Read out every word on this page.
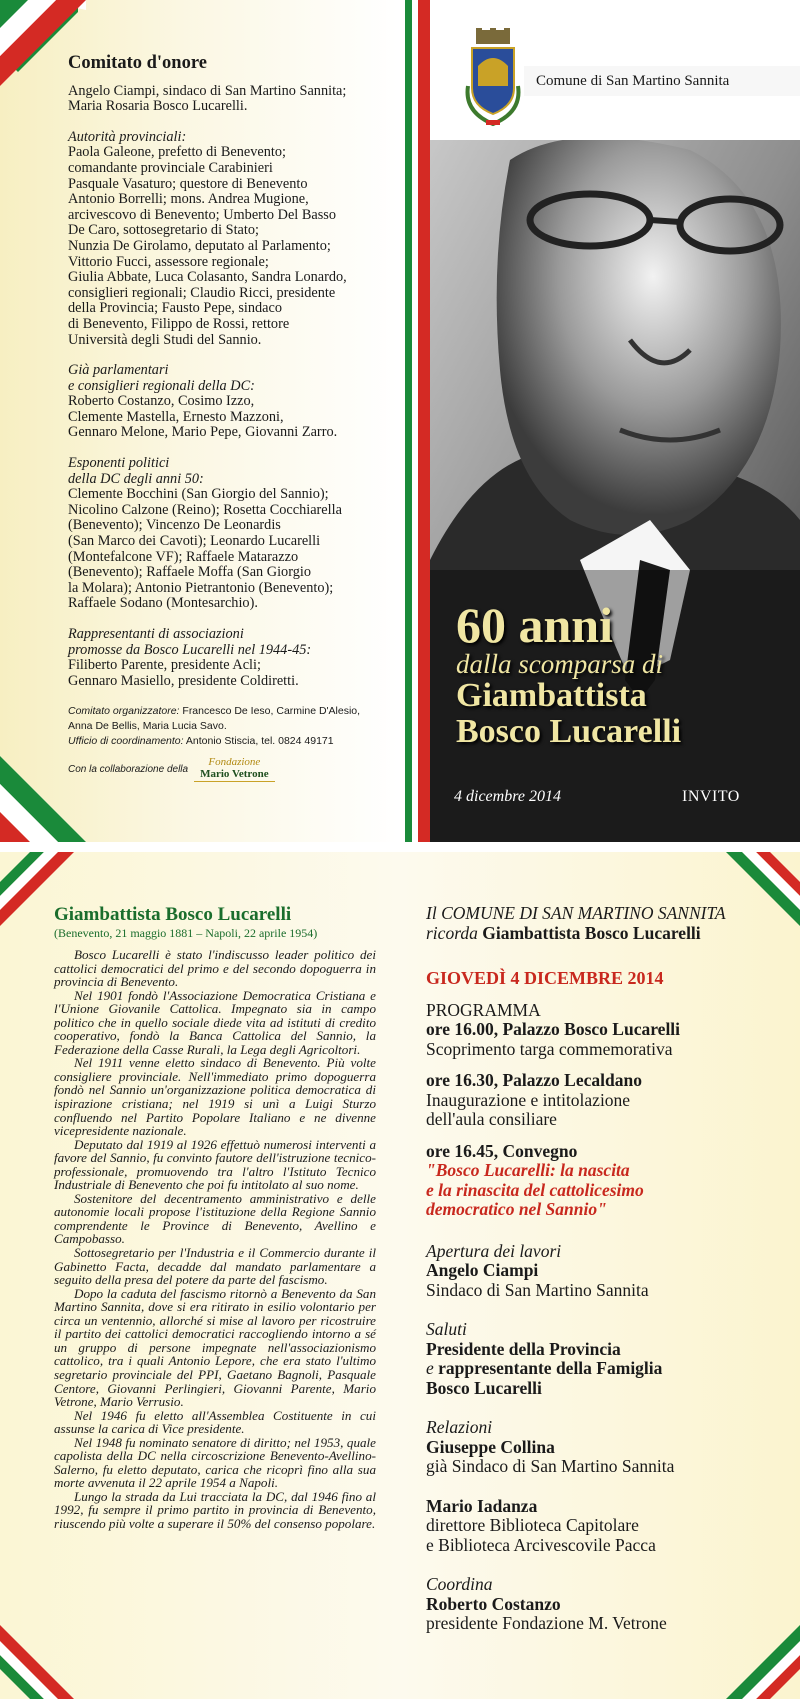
Comitato d'onore

Angelo Ciampi, sindaco di San Martino Sannita;
Maria Rosaria Bosco Lucarelli.

Autorità provinciali:
Paola Galeone, prefetto di Benevento;
comandante provinciale Carabinieri
Pasquale Vasaturo; questore di Benevento
Antonio Borrelli; mons. Andrea Mugione,
arcivescovo di Benevento; Umberto Del Basso
De Caro, sottosegretario di Stato;
Nunzia De Girolamo, deputato al Parlamento;
Vittorio Fucci, assessore regionale;
Giulia Abbate, Luca Colasanto, Sandra Lonardo,
consiglieri regionali; Claudio Ricci, presidente
della Provincia; Fausto Pepe, sindaco
di Benevento, Filippo de Rossi, rettore
Università degli Studi del Sannio.

Già parlamentari
e consiglieri regionali della DC:
Roberto Costanzo, Cosimo Izzo,
Clemente Mastella, Ernesto Mazzoni,
Gennaro Melone, Mario Pepe, Giovanni Zarro.

Esponenti politici
della DC degli anni 50:
Clemente Bocchini (San Giorgio del Sannio);
Nicolino Calzone (Reino); Rosetta Cocchiarella
(Benevento); Vincenzo De Leonardis
(San Marco dei Cavoti); Leonardo Lucarelli
(Montefalcone VF); Raffaele Matarazzo
(Benevento); Raffaele Moffa (San Giorgio
la Molara); Antonio Pietrantonio (Benevento);
Raffaele Sodano (Montesarchio).

Rappresentanti di associazioni
promosse da Bosco Lucarelli nel 1944-45:
Filiberto Parente, presidente Acli;
Gennaro Masiello, presidente Coldiretti.

Comitato organizzatore: Francesco De Ieso, Carmine D'Alesio,
Anna De Bellis, Maria Lucia Savo.
Ufficio di coordinamento: Antonio Stiscia, tel. 0824 49171
Con la collaborazione della
Fondazione
Mario Vetrone
Comune di San Martino Sannita
60 anni
dalla scomparsa di
Giambattista
Bosco Lucarelli
4 dicembre 2014	INVITO
Giambattista Bosco Lucarelli
(Benevento, 21 maggio 1881 – Napoli, 22 aprile 1954)

Bosco Lucarelli è stato l'indiscusso leader politico dei cattolici democratici del primo e del secondo dopoguerra in provincia di Benevento.

Nel 1901 fondò l'Associazione Democratica Cristiana e l'Unione Giovanile Cattolica. Impegnato sia in campo politico che in quello sociale diede vita ad istituti di credito cooperativo, fondò la Banca Cattolica del Sannio, la Federazione della Casse Rurali, la Lega degli Agricoltori.

Nel 1911 venne eletto sindaco di Benevento. Più volte consigliere provinciale. Nell'immediato primo dopoguerra fondò nel Sannio un'organizzazione politica democratica di ispirazione cristiana; nel 1919 si unì a Luigi Sturzo confluendo nel Partito Popolare Italiano e ne divenne vicepresidente nazionale.

Deputato dal 1919 al 1926 effettuò numerosi interventi a favore del Sannio, fu convinto fautore dell'istruzione tecnico-professionale, promuovendo tra l'altro l'Istituto Tecnico Industriale di Benevento che poi fu intitolato al suo nome.

Sostenitore del decentramento amministrativo e delle autonomie locali propose l'istituzione della Regione Sannio comprendente le Province di Benevento, Avellino e Campobasso.

Sottosegretario per l'Industria e il Commercio durante il Gabinetto Facta, decadde dal mandato parlamentare a seguito della presa del potere da parte del fascismo.

Dopo la caduta del fascismo ritornò a Benevento da San Martino Sannita, dove si era ritirato in esilio volontario per circa un ventennio, allorché si mise al lavoro per ricostruire il partito dei cattolici democratici raccogliendo intorno a sé un gruppo di persone impegnate nell'associazionismo cattolico, tra i quali Antonio Lepore, che era stato l'ultimo segretario provinciale del PPI, Gaetano Bagnoli, Pasquale Centore, Giovanni Perlingieri, Giovanni Parente, Mario Vetrone, Mario Verrusio.

Nel 1946 fu eletto all'Assemblea Costituente in cui assunse la carica di Vice presidente.

Nel 1948 fu nominato senatore di diritto; nel 1953, quale capolista della DC nella circoscrizione Benevento-Avellino-Salerno, fu eletto deputato, carica che ricoprì fino alla sua morte avvenuta il 22 aprile 1954 a Napoli.

Lungo la strada da Lui tracciata la DC, dal 1946 fino al 1992, fu sempre il primo partito in provincia di Benevento, riuscendo più volte a superare il 50% del consenso popolare.

Il COMUNE DI SAN MARTINO SANNITA
ricorda Giambattista Bosco Lucarelli
GIOVEDÌ 4 DICEMBRE 2014
PROGRAMMA
ore 16.00, Palazzo Bosco Lucarelli
Scoprimento targa commemorativa
ore 16.30, Palazzo Lecaldano
Inaugurazione e intitolazione
dell'aula consiliare
ore 16.45, Convegno
"Bosco Lucarelli: la nascita
e la rinascita del cattolicesimo
democratico nel Sannio"
Apertura dei lavori
Angelo Ciampi
Sindaco di San Martino Sannita
Saluti
Presidente della Provincia
e rappresentante della Famiglia
Bosco Lucarelli
Relazioni
Giuseppe Collina
già Sindaco di San Martino Sannita
Mario Iadanza
direttore Biblioteca Capitolare
e Biblioteca Arcivescovile Pacca
Coordina
Roberto Costanzo
presidente Fondazione M. Vetrone
